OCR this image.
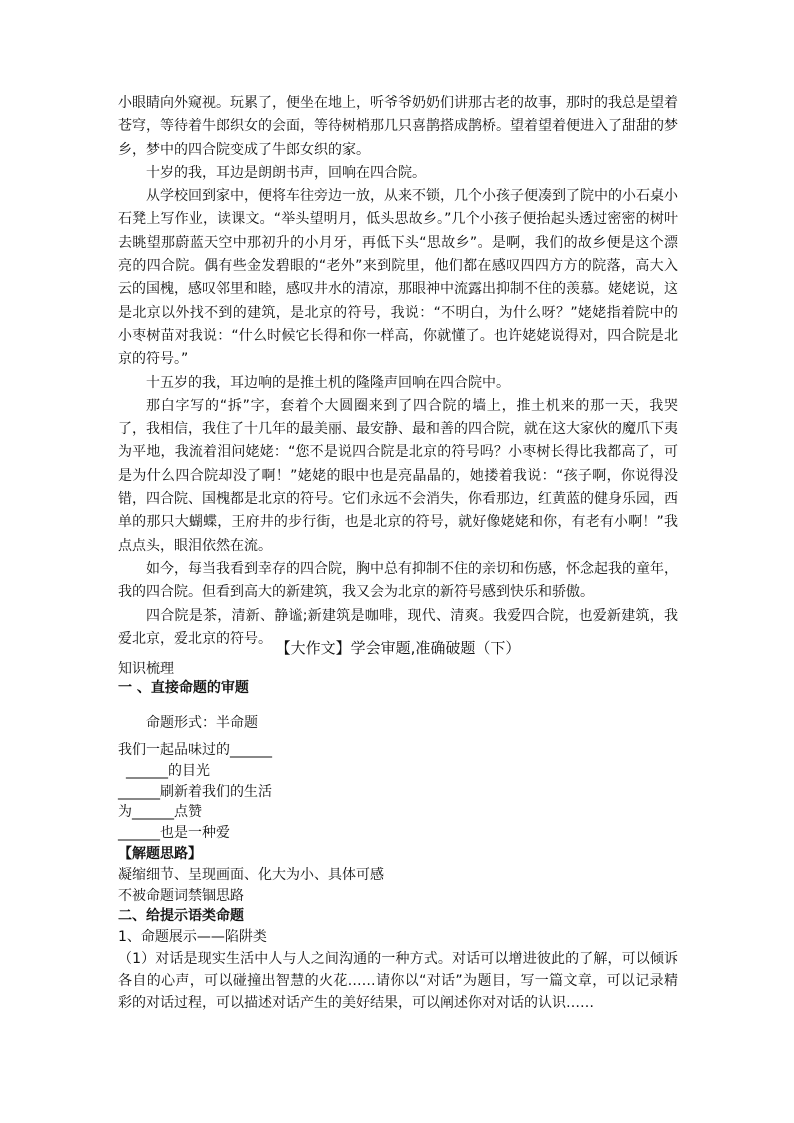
小眼睛向外窥视。玩累了，便坐在地上，听爷爷奶奶们讲那古老的故事，那时的我总是望着苍穹，等待着牛郎织女的会面，等待树梢那几只喜鹊搭成鹊桥。望着望着便进入了甜甜的梦乡，梦中的四合院变成了牛郎女织的家。

十岁的我，耳边是朗朗书声，回响在四合院。

从学校回到家中，便将车往旁边一放，从来不锁，几个小孩子便凑到了院中的小石桌小石凳上写作业，读课文。“举头望明月，低头思故乡。”几个小孩子便抬起头透过密密的树叶去眺望那蔚蓝天空中那初升的小月牙，再低下头“思故乡”。是啊，我们的故乡便是这个漂亮的四合院。偶有些金发碧眼的“老外”来到院里，他们都在感叹四四方方的院落，高大入云的国槐，感叹邻里和睦，感叹井水的清凉，那眼神中流露出抑制不住的羡慕。姥姥说，这是北京以外找不到的建筑，是北京的符号，我说：“不明白，为什么呀？”姥姥指着院中的小枣树苗对我说：“什么时候它长得和你一样高，你就懂了。也许姥姥说得对，四合院是北京的符号。”

十五岁的我，耳边响的是推土机的隆隆声回响在四合院中。

那白字写的“拆”字，套着个大圆圈来到了四合院的墙上，推土机来的那一天，我哭了，我相信，我住了十几年的最美丽、最安静、最和善的四合院，就在这大家伙的魔爪下夷为平地，我流着泪问姥姥：“您不是说四合院是北京的符号吗？小枣树长得比我都高了，可是为什么四合院却没了啊！”姥姥的眼中也是亮晶晶的，她搂着我说：“孩子啊，你说得没错，四合院、国槐都是北京的符号。它们永远不会消失，你看那边，红黄蓝的健身乐园，西单的那只大蝴蝶，王府井的步行街，也是北京的符号，就好像姥姥和你，有老有小啊！”我点点头，眼泪依然在流。

如今，每当我看到幸存的四合院，胸中总有抑制不住的亲切和伤感，怀念起我的童年，我的四合院。但看到高大的新建筑，我又会为北京的新符号感到快乐和骄傲。

四合院是茶，清新、静谧;新建筑是咖啡，现代、清爽。我爱四合院，也爱新建筑，我爱北京，爱北京的符号。

【大作文】学会审题,准确破题（下）

知识梳理

一 、直接命题的审题

命题形式：半命题

我们一起品味过的______

______的目光

______刷新着我们的生活

为______点赞

______也是一种爱

【解题思路】

凝缩细节、呈现画面、化大为小、具体可感

不被命题词禁锢思路

二、给提示语类命题

1、命题展示——陷阱类

（1）对话是现实生活中人与人之间沟通的一种方式。对话可以增进彼此的了解，可以倾诉各自的心声，可以碰撞出智慧的火花……请你以“对话”为题目，写一篇文章，可以记录精彩的对话过程，可以描述对话产生的美好结果，可以阐述你对对话的认识……
